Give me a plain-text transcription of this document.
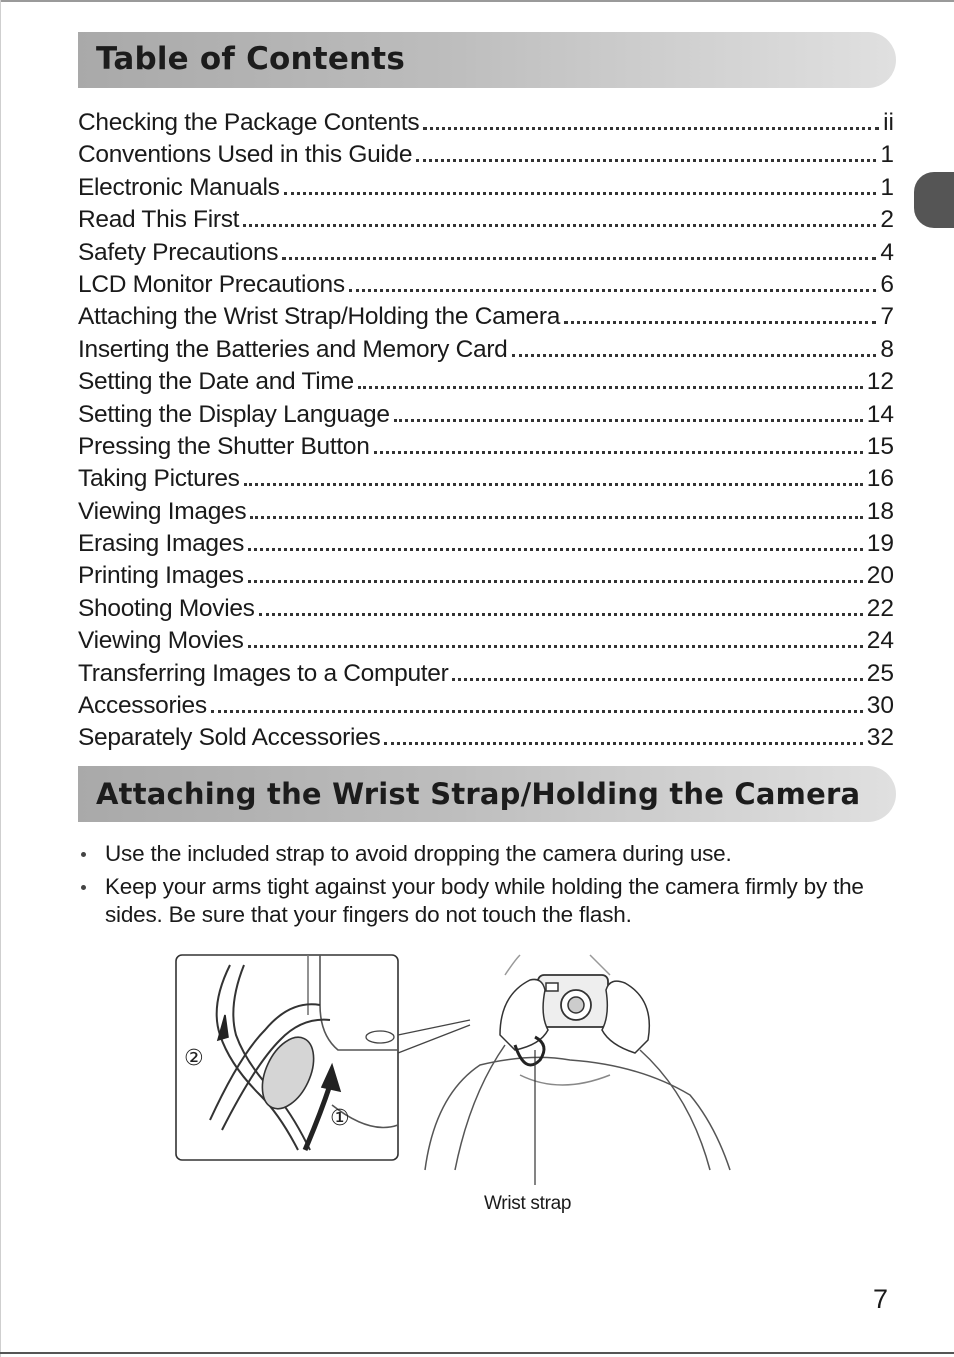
Table of Contents
Checking the Package Contents	ii
Conventions Used in this Guide	1
Electronic Manuals	1
Read This First	2
Safety Precautions	4
LCD Monitor Precautions	6
Attaching the Wrist Strap/Holding the Camera	7
Inserting the Batteries and Memory Card	8
Setting the Date and Time	12
Setting the Display Language	14
Pressing the Shutter Button	15
Taking Pictures	16
Viewing Images	18
Erasing Images	19
Printing Images	20
Shooting Movies	22
Viewing Movies	24
Transferring Images to a Computer	25
Accessories	30
Separately Sold Accessories	32
Attaching the Wrist Strap/Holding the Camera
Use the included strap to avoid dropping the camera during use.
Keep your arms tight against your body while holding the camera firmly by the sides. Be sure that your fingers do not touch the flash.
②
①
Wrist strap
7
